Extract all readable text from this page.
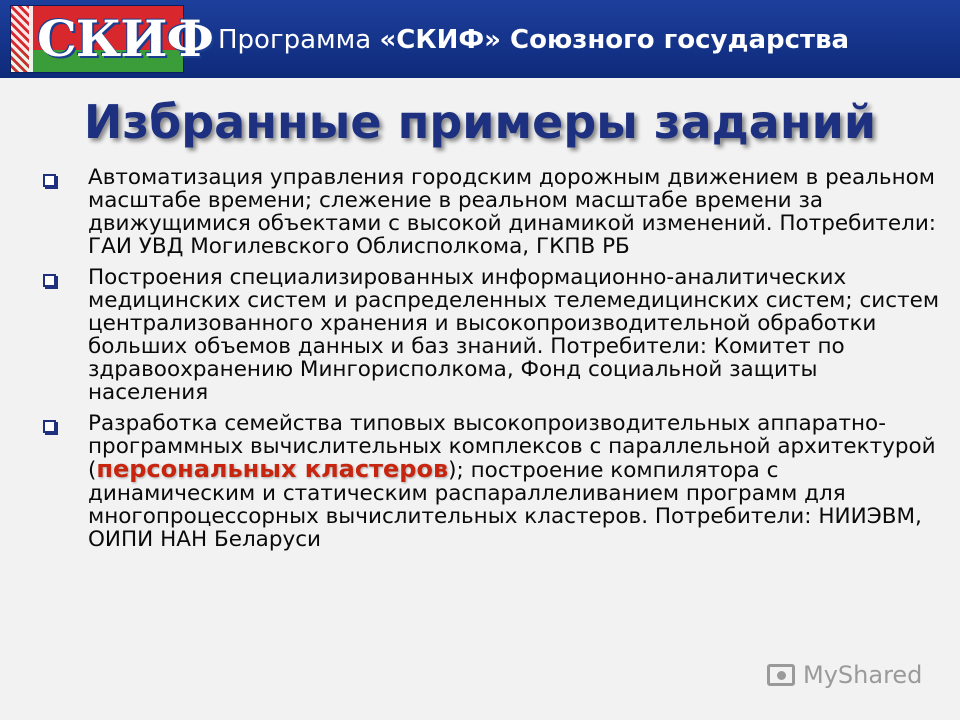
СКИФ Программа «СКИФ» Союзного государства
Избранные примеры заданий
Автоматизация управления городским дорожным движением в реальном масштабе времени; слежение в реальном масштабе времени за движущимися объектами с высокой динамикой изменений. Потребители: ГАИ УВД Могилевского Облисполкома, ГКПВ РБ
Построения специализированных информационно-аналитических медицинских систем и распределенных телемедицинских систем; систем централизованного хранения и высокопроизводительной обработки больших объемов данных и баз знаний. Потребители: Комитет по здравоохранению Мингорисполкома, Фонд социальной защиты населения
Разработка семейства типовых высокопроизводительных аппаратно-программных вычислительных комплексов с параллельной архитектурой (персональных кластеров); построение компилятора с динамическим и статическим распараллеливанием программ для многопроцессорных вычислительных кластеров. Потребители: НИИЭВМ, ОИПИ НАН Беларуси
MyShared
